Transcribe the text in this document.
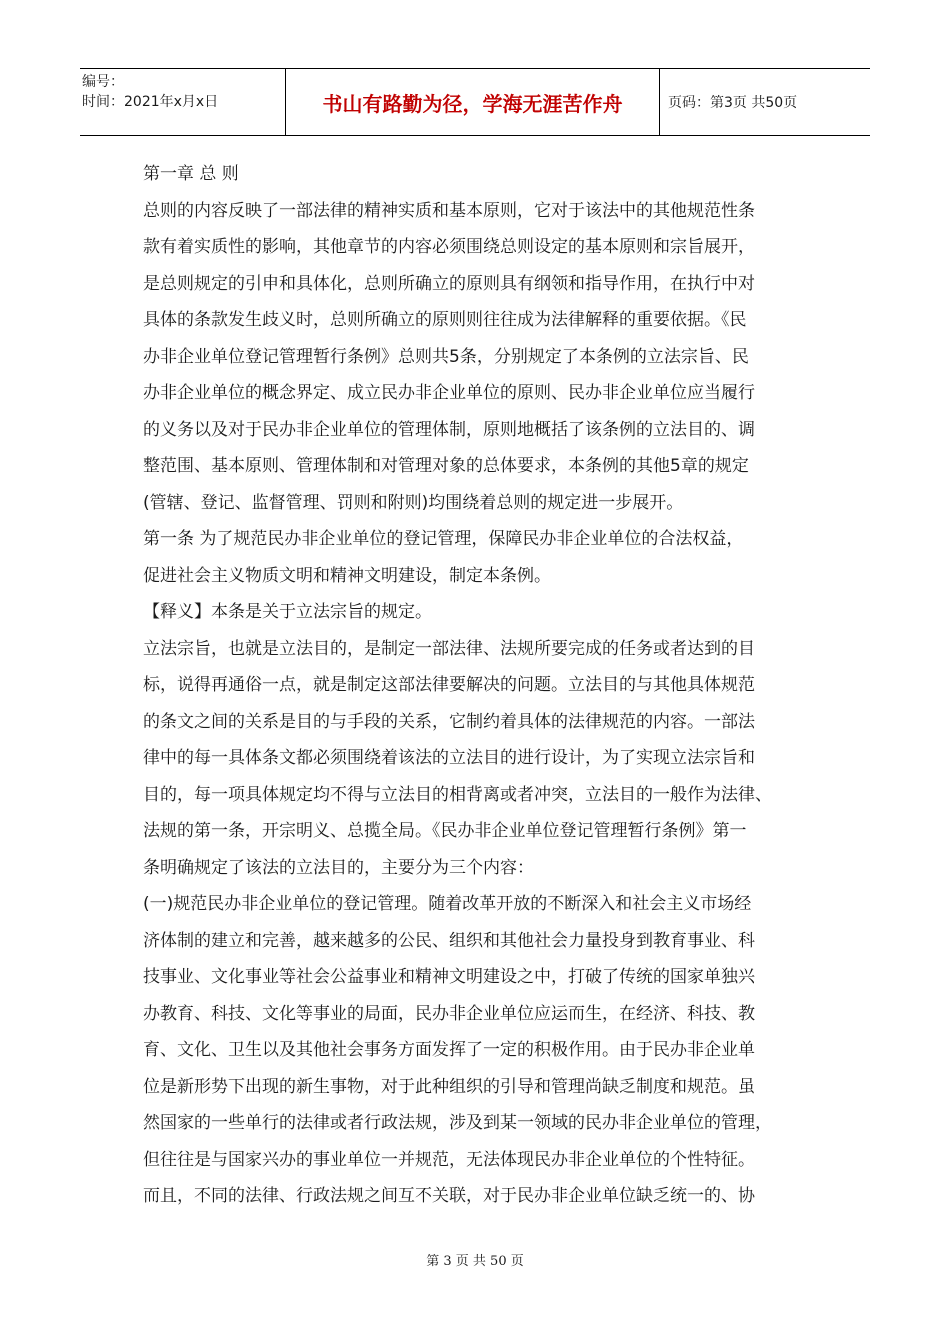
编号：
时间：2021年x月x日	书山有路勤为径，学海无涯苦作舟	页码：第3页 共50页

第一章 总 则

总则的内容反映了一部法律的精神实质和基本原则，它对于该法中的其他规范性条

款有着实质性的影响，其他章节的内容必须围绕总则设定的基本原则和宗旨展开，

是总则规定的引申和具体化，总则所确立的原则具有纲领和指导作用，在执行中对

具体的条款发生歧义时，总则所确立的原则则往往成为法律解释的重要依据。《民

办非企业单位登记管理暂行条例》总则共5条，分别规定了本条例的立法宗旨、民

办非企业单位的概念界定、成立民办非企业单位的原则、民办非企业单位应当履行

的义务以及对于民办非企业单位的管理体制，原则地概括了该条例的立法目的、调

整范围、基本原则、管理体制和对管理对象的总体要求，本条例的其他5章的规定

(管辖、登记、监督管理、罚则和附则)均围绕着总则的规定进一步展开。

第一条 为了规范民办非企业单位的登记管理，保障民办非企业单位的合法权益，

促进社会主义物质文明和精神文明建设，制定本条例。

【释义】本条是关于立法宗旨的规定。

立法宗旨，也就是立法目的，是制定一部法律、法规所要完成的任务或者达到的目

标，说得再通俗一点，就是制定这部法律要解决的问题。立法目的与其他具体规范

的条文之间的关系是目的与手段的关系，它制约着具体的法律规范的内容。一部法

律中的每一具体条文都必须围绕着该法的立法目的进行设计，为了实现立法宗旨和

目的，每一项具体规定均不得与立法目的相背离或者冲突，立法目的一般作为法律、

法规的第一条，开宗明义、总揽全局。《民办非企业单位登记管理暂行条例》第一

条明确规定了该法的立法目的，主要分为三个内容：

(一)规范民办非企业单位的登记管理。随着改革开放的不断深入和社会主义市场经

济体制的建立和完善，越来越多的公民、组织和其他社会力量投身到教育事业、科

技事业、文化事业等社会公益事业和精神文明建设之中，打破了传统的国家单独兴

办教育、科技、文化等事业的局面，民办非企业单位应运而生，在经济、科技、教

育、文化、卫生以及其他社会事务方面发挥了一定的积极作用。由于民办非企业单

位是新形势下出现的新生事物，对于此种组织的引导和管理尚缺乏制度和规范。虽

然国家的一些单行的法律或者行政法规，涉及到某一领域的民办非企业单位的管理，

但往往是与国家兴办的事业单位一并规范，无法体现民办非企业单位的个性特征。

而且，不同的法律、行政法规之间互不关联，对于民办非企业单位缺乏统一的、协

第 3 页 共 50 页
